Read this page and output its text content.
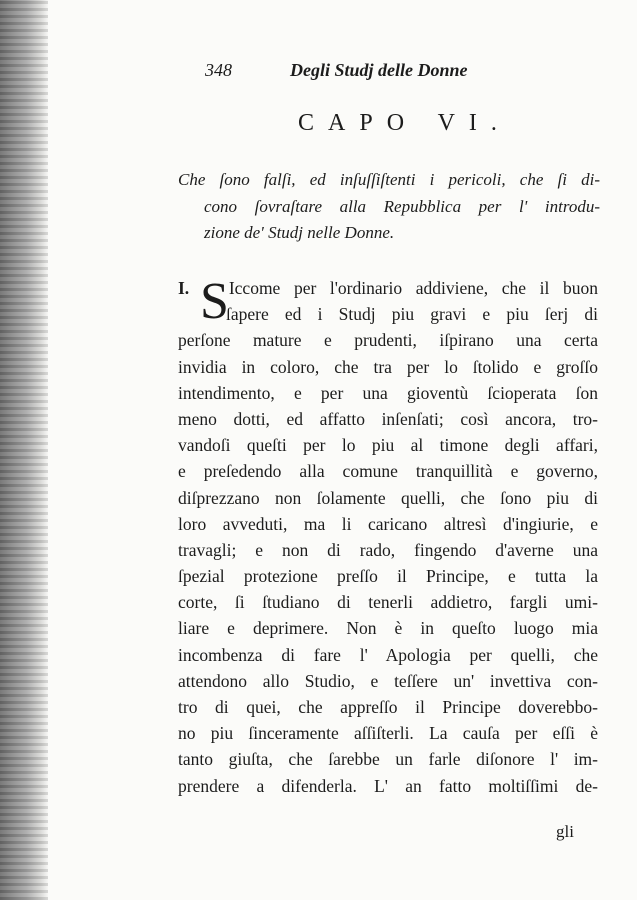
348	Degli Studj delle Donne
CAPO VI.
Che ſono falſi, ed inſuſſiſtenti i pericoli, che ſi di-
cono ſovraſtare alla Repubblica per l' introdu-
zione de' Studj nelle Donne.
I. S Iccome per l'ordinario addiviene, che il buon
ſapere ed i Studj piu gravi e piu ſerj di
perſone mature e prudenti, iſpirano una certa
invidia in coloro, che tra per lo ſtolido e groſſo
intendimento, e per una gioventù ſcioperata ſon
meno dotti, ed affatto inſenſati; così ancora, tro-
vandoſi queſti per lo piu al timone degli affari,
e preſedendo alla comune tranquillità e governo,
diſprezzano non ſolamente quelli, che ſono piu di
loro avveduti, ma li caricano altresì d'ingiurie, e
travagli; e non di rado, fingendo d'averne una
ſpezial protezione preſſo il Principe, e tutta la
corte, ſi ſtudiano di tenerli addietro, fargli umi-
liare e deprimere. Non è in queſto luogo mia
incombenza di fare l' Apologia per quelli, che
attendono allo Studio, e teſſere un' invettiva con-
tro di quei, che appreſſo il Principe doverebbo-
no piu ſinceramente aſſiſterli. La cauſa per eſſi è
tanto giuſta, che ſarebbe un farle diſonore l' im-
prendere a difenderla. L' an fatto moltiſſimi de-
gli
